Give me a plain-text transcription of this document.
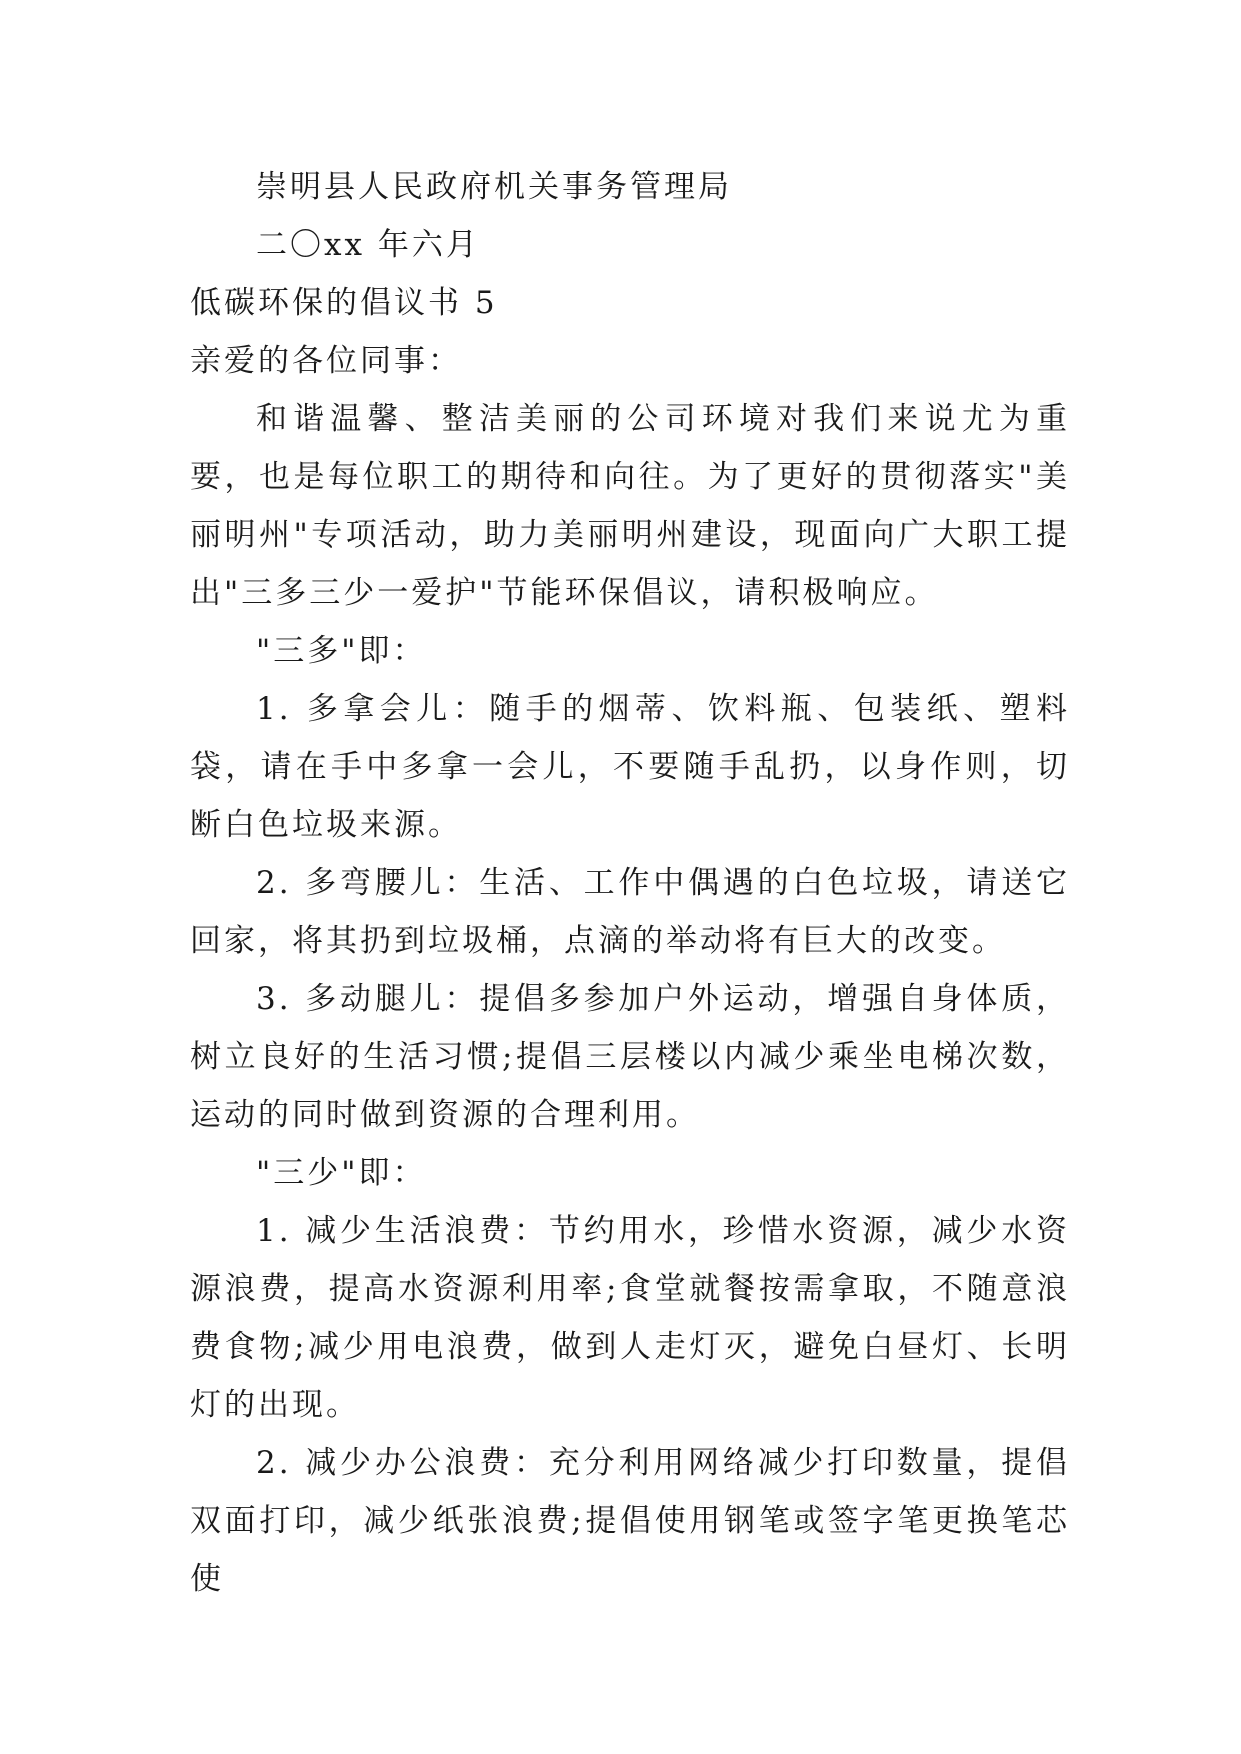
崇明县人民政府机关事务管理局

二〇xx 年六月

低碳环保的倡议书 5

亲爱的各位同事：

和谐温馨、整洁美丽的公司环境对我们来说尤为重要，也是每位职工的期待和向往。为了更好的贯彻落实"美丽明州"专项活动，助力美丽明州建设，现面向广大职工提出"三多三少一爱护"节能环保倡议，请积极响应。

"三多"即：

1. 多拿会儿：随手的烟蒂、饮料瓶、包装纸、塑料袋，请在手中多拿一会儿，不要随手乱扔，以身作则，切断白色垃圾来源。

2. 多弯腰儿：生活、工作中偶遇的白色垃圾，请送它回家，将其扔到垃圾桶，点滴的举动将有巨大的改变。

3. 多动腿儿：提倡多参加户外运动，增强自身体质，树立良好的生活习惯;提倡三层楼以内减少乘坐电梯次数，运动的同时做到资源的合理利用。

"三少"即：

1. 减少生活浪费：节约用水，珍惜水资源，减少水资源浪费，提高水资源利用率;食堂就餐按需拿取，不随意浪费食物;减少用电浪费，做到人走灯灭，避免白昼灯、长明灯的出现。

2. 减少办公浪费：充分利用网络减少打印数量，提倡双面打印，减少纸张浪费;提倡使用钢笔或签字笔更换笔芯使
